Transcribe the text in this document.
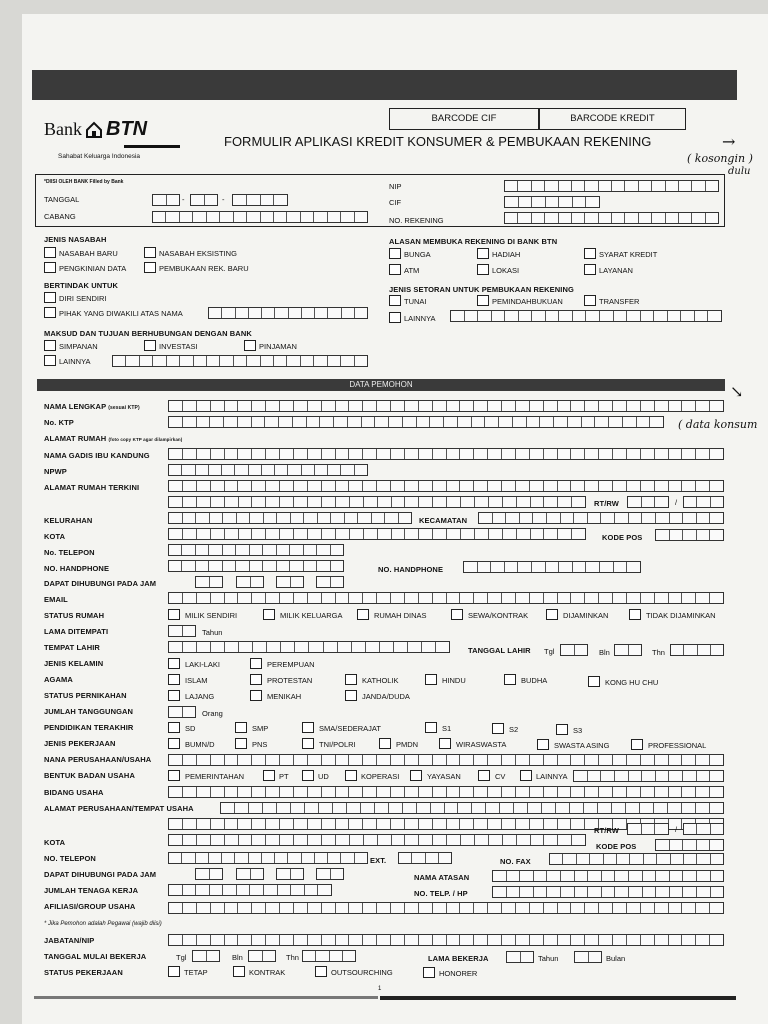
BARCODE CIF	BARCODE KREDIT
Bank BTN
Sahabat Keluarga Indonesia
FORMULIR APLIKASI KREDIT KONSUMER & PEMBUKAAN REKENING	→
( kosongin )
dulu
*DIISI OLEH BANK Filled by Bank
TANGGAL	-	-
CABANG
NIP
CIF
NO. REKENING
JENIS NASABAH
NASABAH BARU	NASABAH EKSISTING
PENGKINIAN DATA	PEMBUKAAN REK. BARU
BERTINDAK UNTUK
DIRI SENDIRI
PIHAK YANG DIWAKILI ATAS NAMA
MAKSUD DAN TUJUAN BERHUBUNGAN DENGAN BANK
SIMPANAN	INVESTASI	PINJAMAN
LAINNYA
ALASAN MEMBUKA REKENING DI BANK BTN
BUNGA	HADIAH	SYARAT KREDIT
ATM	LOKASI	LAYANAN
JENIS SETORAN UNTUK PEMBUKAAN REKENING
TUNAI	PEMINDAHBUKUAN	TRANSFER
LAINNYA
DATA PEMOHON	↘
( data konsum
NAMA LENGKAP (sesuai KTP)
No. KTP
ALAMAT RUMAH (foto copy KTP agar dilampirkan)
NAMA GADIS IBU KANDUNG
NPWP
ALAMAT RUMAH TERKINI
RT/RW	/
KELURAHAN	KECAMATAN
KOTA	KODE POS
No. TELEPON
NO. HANDPHONE	NO. HANDPHONE
DAPAT DIHUBUNGI PADA JAM
EMAIL
STATUS RUMAH	MILIK SENDIRI	MILIK KELUARGA	RUMAH DINAS	SEWA/KONTRAK	DIJAMINKAN	TIDAK DIJAMINKAN
LAMA DITEMPATI	Tahun
TEMPAT LAHIR	TANGGAL LAHIR Tgl	Bln	Thn
JENIS KELAMIN	LAKI-LAKI	PEREMPUAN
AGAMA	ISLAM	PROTESTAN	KATHOLIK	HINDU	BUDHA	KONG HU CHU
STATUS PERNIKAHAN	LAJANG	MENIKAH	JANDA/DUDA
JUMLAH TANGGUNGAN	Orang
PENDIDIKAN TERAKHIR	SD	SMP	SMA/SEDERAJAT	S1	S2	S3
JENIS PEKERJAAN	BUMN/D	PNS	TNI/POLRI	PMDN	WIRASWASTA	SWASTA ASING	PROFESSIONAL
NANA PERUSAHAAN/USAHA
BENTUK BADAN USAHA	PEMERINTAHAN	PT	UD	KOPERASI	YAYASAN	CV	LAINNYA
BIDANG USAHA
ALAMAT PERUSAHAAN/TEMPAT USAHA
RT/RW	/
KOTA	KODE POS
NO. TELEPON	EXT.	NO. FAX
DAPAT DIHUBUNGI PADA JAM	NAMA ATASAN
JUMLAH TENAGA KERJA	NO. TELP. / HP
AFILIASI/GROUP USAHA
* Jika Pemohon adalah Pegawai (wajib diisi)
JABATAN/NIP
TANGGAL MULAI BEKERJA	Tgl	Bln	Thn	LAMA BEKERJA	Tahun	Bulan
STATUS PEKERJAAN	TETAP	KONTRAK	OUTSOURCHING	HONORER
1
